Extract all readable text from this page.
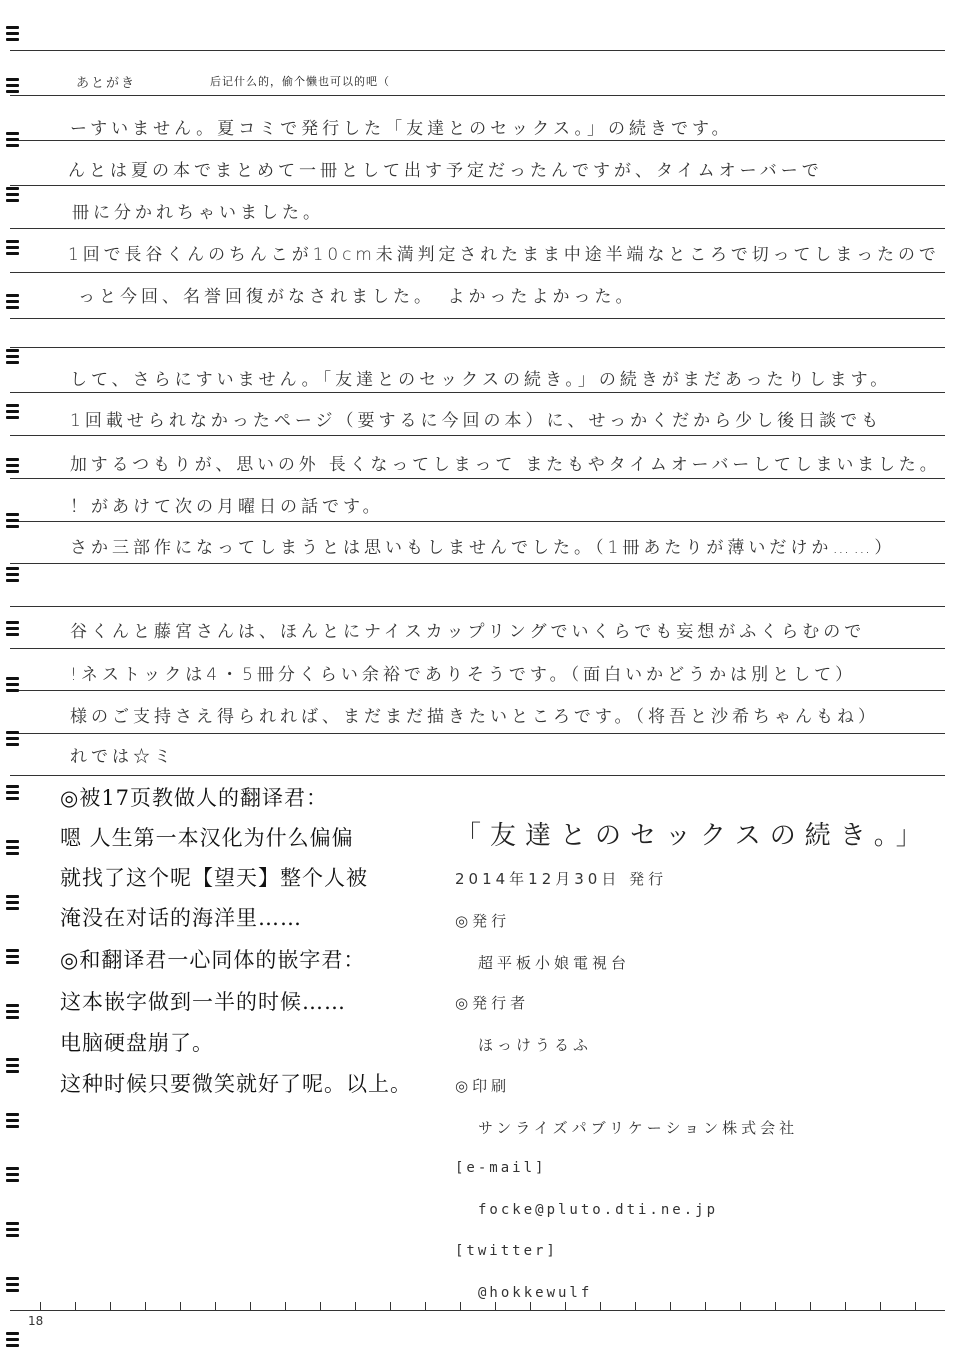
あとがき	后记什么的，偷个懒也可以的吧（
ーすいません。夏コミで発行した「友達とのセックス。」の続きです。
んとは夏の本でまとめて一冊として出す予定だったんですが、タイムオーバーで
冊に分かれちゃいました。
1回で長谷くんのちんこが10cm未満判定されたまま中途半端なところで切ってしまったので
っと今回、名誉回復がなされました。　よかったよかった。
して、さらにすいません。「友達とのセックスの続き。」の続きがまだあったりします。
1回載せられなかったページ（要するに今回の本）に、せっかくだから少し後日談でも
加するつもりが、思いの外 長くなってしまって またもやタイムオーバーしてしまいました。
！があけて次の月曜日の話です。
さか三部作になってしまうとは思いもしませんでした。（1冊あたりが薄いだけか……）
谷くんと藤宮さんは、ほんとにナイスカップリングでいくらでも妄想がふくらむので
!ネストックは4・5冊分くらい余裕でありそうです。（面白いかどうかは別として）
様のご支持さえ得られれば、まだまだ描きたいところです。（将吾と沙希ちゃんもね）
れでは☆ミ
◎被17页教做人的翻译君：
嗯 人生第一本汉化为什么偏偏
就找了这个呢【望天】整个人被
淹没在对话的海洋里……
◎和翻译君一心同体的嵌字君：
这本嵌字做到一半的时候……
电脑硬盘崩了。
这种时候只要微笑就好了呢。以上。
「友達とのセックスの続き。」
2014年12月30日 発行
◎発行
超平板小娘電視台
◎発行者
ほっけうるふ
◎印刷
サンライズパブリケーション株式会社
[e-mail]
focke@pluto.dti.ne.jp
[twitter]
@hokkewulf
18
